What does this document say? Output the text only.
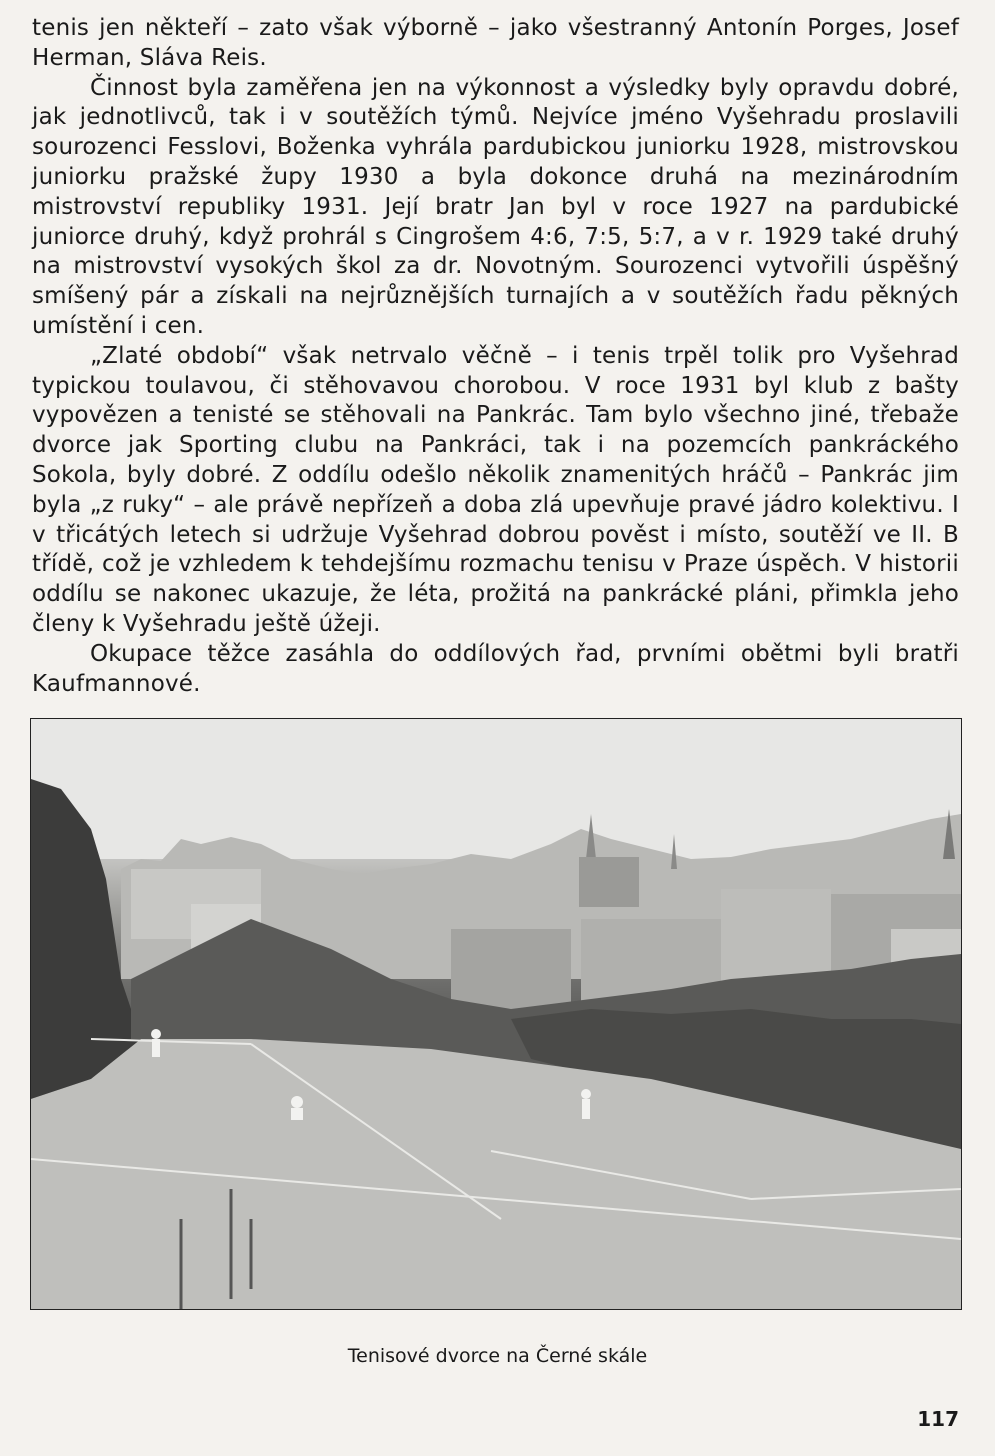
tenis jen někteří – zato však výborně – jako všestranný Antonín Porges, Josef Herman, Sláva Reis.

Činnost byla zaměřena jen na výkonnost a výsledky byly opravdu dobré, jak jednotlivců, tak i v soutěžích týmů. Nejvíce jméno Vyšehradu proslavili sourozenci Fesslovi, Boženka vyhrála pardubickou juniorku 1928, mistrovskou juniorku pražské župy 1930 a byla dokonce druhá na mezinárodním mistrovství republiky 1931. Její bratr Jan byl v roce 1927 na pardubické juniorce druhý, když prohrál s Cingrošem 4:6, 7:5, 5:7, a v r. 1929 také druhý na mistrovství vysokých škol za dr. Novotným. Sourozenci vytvořili úspěšný smíšený pár a získali na nejrůznějších turnajích a v soutěžích řadu pěkných umístění i cen.

„Zlaté období“ však netrvalo věčně – i tenis trpěl tolik pro Vyšehrad typickou toulavou, či stěhovavou chorobou. V roce 1931 byl klub z bašty vypovězen a tenisté se stěhovali na Pankrác. Tam bylo všechno jiné, třebaže dvorce jak Sporting clubu na Pankráci, tak i na pozemcích pankráckého Sokola, byly dobré. Z oddílu odešlo několik znamenitých hráčů – Pankrác jim byla „z ruky“ – ale právě nepřízeň a doba zlá upevňuje pravé jádro kolektivu. I v třicátých letech si udržuje Vyšehrad dobrou pověst i místo, soutěží ve II. B třídě, což je vzhledem k tehdejšímu rozmachu tenisu v Praze úspěch. V historii oddílu se nakonec ukazuje, že léta, prožitá na pankrácké pláni, přimkla jeho členy k Vyšehradu ještě úžeji.

Okupace těžce zasáhla do oddílových řad, prvními obětmi byli bratři Kaufmannové.

Tenisové dvorce na Černé skále
117
